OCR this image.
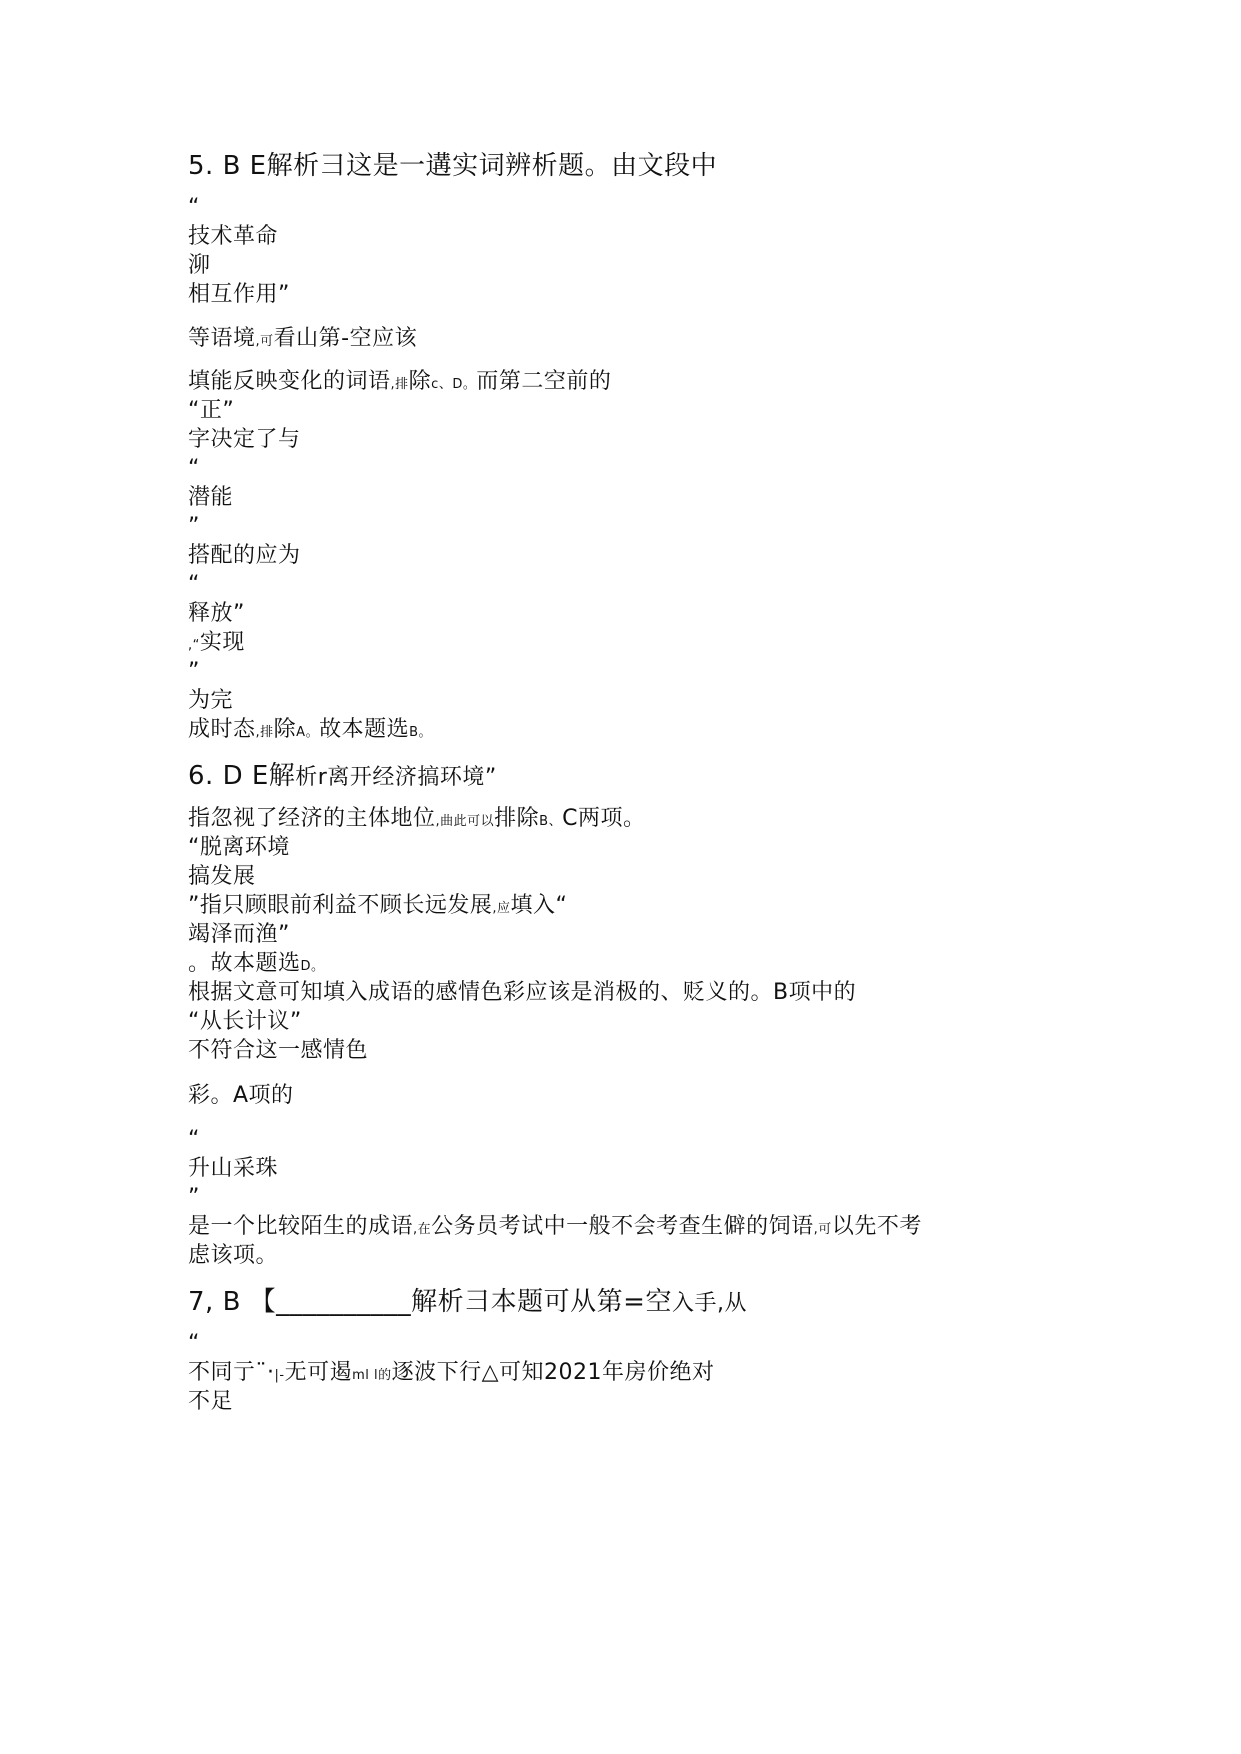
5. B E解析彐这是一遘实词辨析题。由文段中
“
技术革命
泖
相互作用”
等语境,可看山第-空应该
填能反映变化的词语,排除c、D。而第二空前的
“正”
字决定了与
“
潜能
”
搭配的应为
“
释放”
,“实现
”
为完
成时态,排除A。故本题选B。
6. D E解析r离开经济搞环境”
指忽视了经济的主体地位,曲此可以排除B、C两项。
“脱离环境
搞发展
”指只顾眼前利益不顾长远发展,应填入“
竭泽而渔”
。故本题选D。
根据文意可知填入成语的感情色彩应该是消极的、贬义的。B项中的
“从长计议”
不符合这一感情色
彩。A项的
“
升山采珠
”
是一个比较陌生的成语,在公务员考试中一般不会考查生僻的饲语,可以先不考
虑该项。
7, B 【__________解析彐本题可从第=空入手,从
“
不同亍¨·|-无可遏ml l的逐波下行△可知2021年房价绝对
不足
